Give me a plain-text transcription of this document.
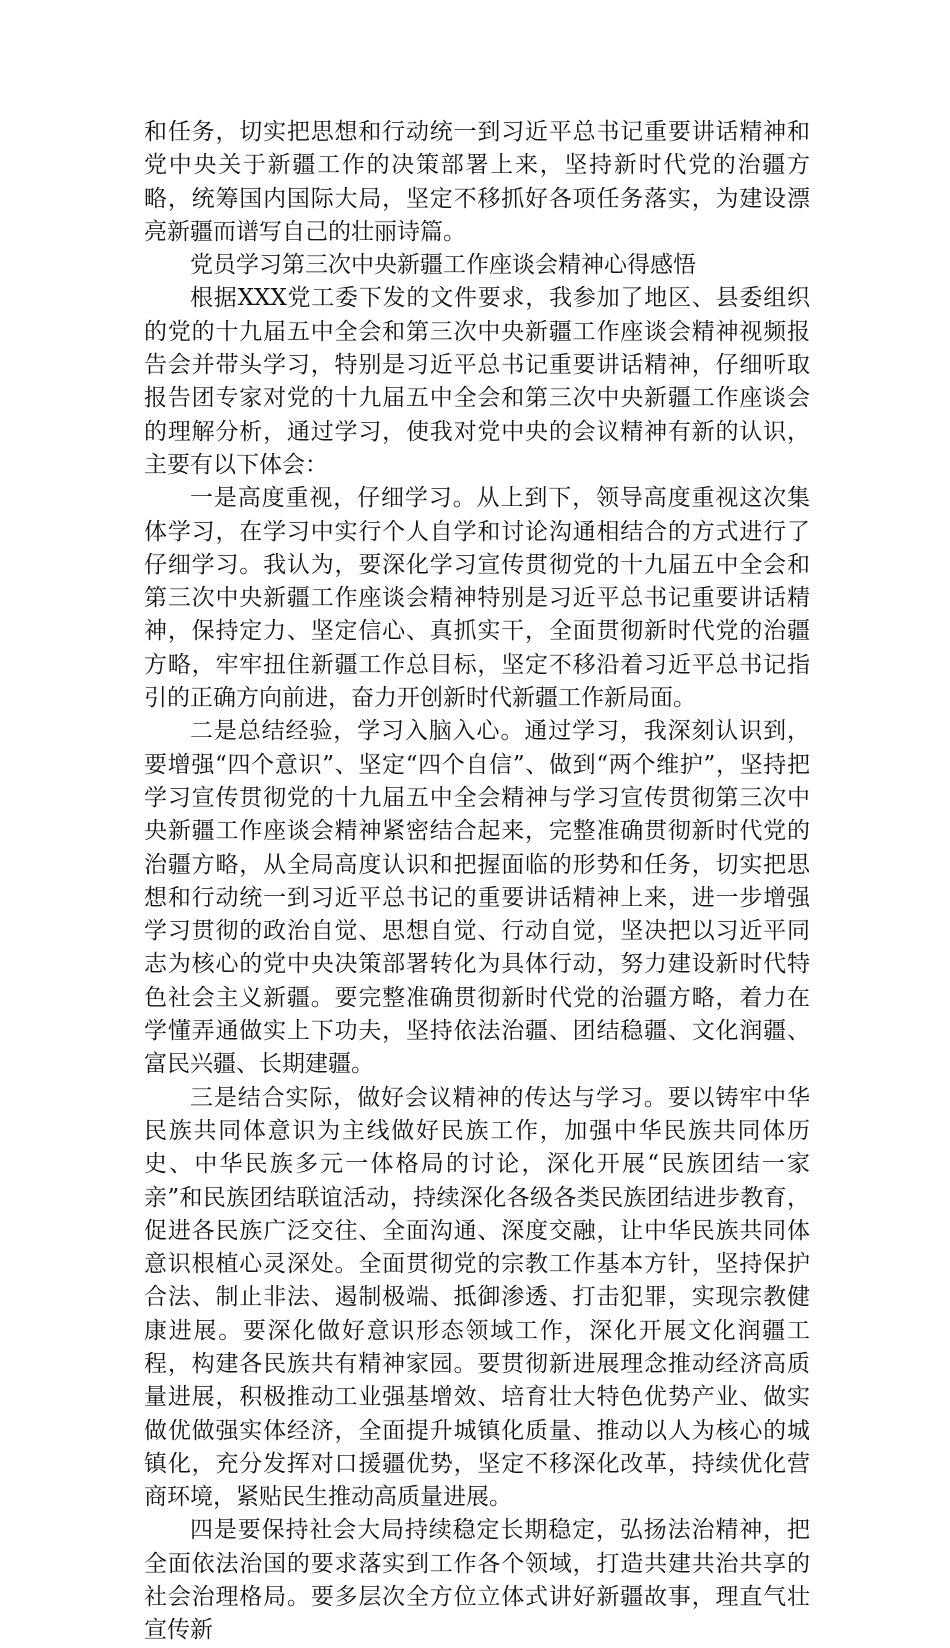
和任务，切实把思想和行动统一到习近平总书记重要讲话精神和党中央关于新疆工作的决策部署上来，坚持新时代党的治疆方略，统筹国内国际大局，坚定不移抓好各项任务落实，为建设漂亮新疆而谱写自己的壮丽诗篇。

党员学习第三次中央新疆工作座谈会精神心得感悟

根据XXX党工委下发的文件要求，我参加了地区、县委组织的党的十九届五中全会和第三次中央新疆工作座谈会精神视频报告会并带头学习，特别是习近平总书记重要讲话精神，仔细听取报告团专家对党的十九届五中全会和第三次中央新疆工作座谈会的理解分析，通过学习，使我对党中央的会议精神有新的认识，主要有以下体会：

一是高度重视，仔细学习。从上到下，领导高度重视这次集体学习，在学习中实行个人自学和讨论沟通相结合的方式进行了仔细学习。我认为，要深化学习宣传贯彻党的十九届五中全会和第三次中央新疆工作座谈会精神特别是习近平总书记重要讲话精神，保持定力、坚定信心、真抓实干，全面贯彻新时代党的治疆方略，牢牢扭住新疆工作总目标，坚定不移沿着习近平总书记指引的正确方向前进，奋力开创新时代新疆工作新局面。

二是总结经验，学习入脑入心。通过学习，我深刻认识到，要增强“四个意识”、坚定“四个自信”、做到“两个维护”，坚持把学习宣传贯彻党的十九届五中全会精神与学习宣传贯彻第三次中央新疆工作座谈会精神紧密结合起来，完整准确贯彻新时代党的治疆方略，从全局高度认识和把握面临的形势和任务，切实把思想和行动统一到习近平总书记的重要讲话精神上来，进一步增强学习贯彻的政治自觉、思想自觉、行动自觉，坚决把以习近平同志为核心的党中央决策部署转化为具体行动，努力建设新时代特色社会主义新疆。要完整准确贯彻新时代党的治疆方略，着力在学懂弄通做实上下功夫，坚持依法治疆、团结稳疆、文化润疆、富民兴疆、长期建疆。

三是结合实际，做好会议精神的传达与学习。要以铸牢中华民族共同体意识为主线做好民族工作，加强中华民族共同体历史、中华民族多元一体格局的讨论，深化开展“民族团结一家亲”和民族团结联谊活动，持续深化各级各类民族团结进步教育，促进各民族广泛交往、全面沟通、深度交融，让中华民族共同体意识根植心灵深处。全面贯彻党的宗教工作基本方针，坚持保护合法、制止非法、遏制极端、抵御渗透、打击犯罪，实现宗教健康进展。要深化做好意识形态领域工作，深化开展文化润疆工程，构建各民族共有精神家园。要贯彻新进展理念推动经济高质量进展，积极推动工业强基增效、培育壮大特色优势产业、做实做优做强实体经济，全面提升城镇化质量、推动以人为核心的城镇化，充分发挥对口援疆优势，坚定不移深化改革，持续优化营商环境，紧贴民生推动高质量进展。

四是要保持社会大局持续稳定长期稳定，弘扬法治精神，把全面依法治国的要求落实到工作各个领域，打造共建共治共享的社会治理格局。要多层次全方位立体式讲好新疆故事，理直气壮宣传新
